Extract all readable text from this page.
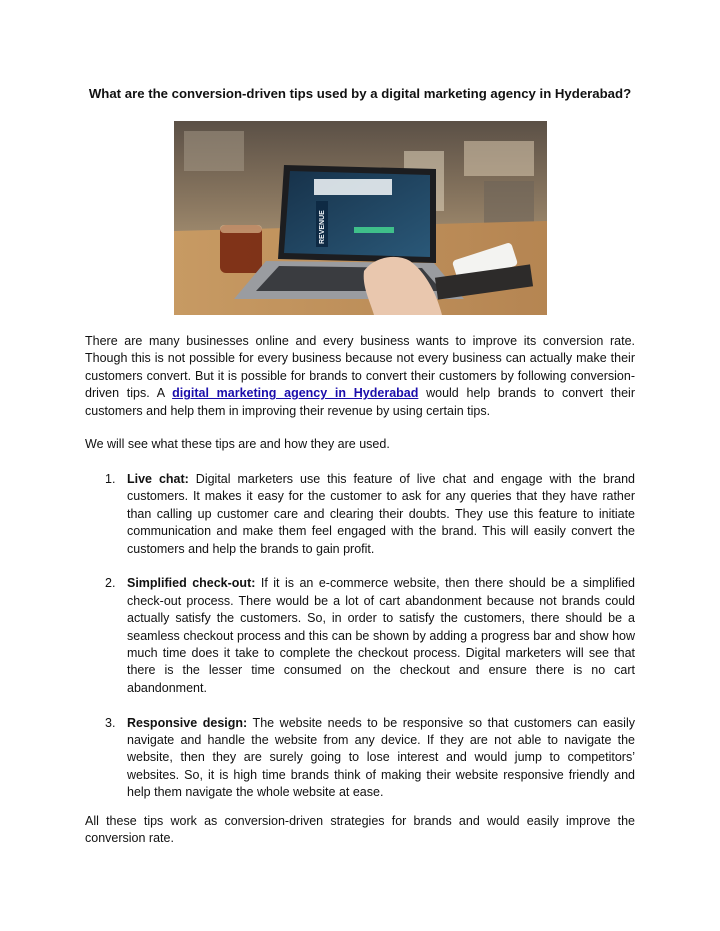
What are the conversion-driven tips used by a digital marketing agency in Hyderabad?
REVENUE

There are many businesses online and every business wants to improve its conversion rate. Though this is not possible for every business because not every business can actually make their customers convert. But it is possible for brands to convert their customers by following conversion-driven tips. A digital marketing agency in Hyderabad would help brands to convert their customers and help them in improving their revenue by using certain tips.

We will see what these tips are and how they are used.

1. Live chat: Digital marketers use this feature of live chat and engage with the brand customers. It makes it easy for the customer to ask for any queries that they have rather than calling up customer care and clearing their doubts. They use this feature to initiate communication and make them feel engaged with the brand. This will easily convert the customers and help the brands to gain profit.
2. Simplified check-out: If it is an e-commerce website, then there should be a simplified check-out process. There would be a lot of cart abandonment because not brands could actually satisfy the customers. So, in order to satisfy the customers, there should be a seamless checkout process and this can be shown by adding a progress bar and show how much time does it take to complete the checkout process. Digital marketers will see that there is the lesser time consumed on the checkout and ensure there is no cart abandonment.
3. Responsive design: The website needs to be responsive so that customers can easily navigate and handle the website from any device. If they are not able to navigate the website, then they are surely going to lose interest and would jump to competitors’ websites. So, it is high time brands think of making their website responsive friendly and help them navigate the whole website at ease.

All these tips work as conversion-driven strategies for brands and would easily improve the conversion rate.
